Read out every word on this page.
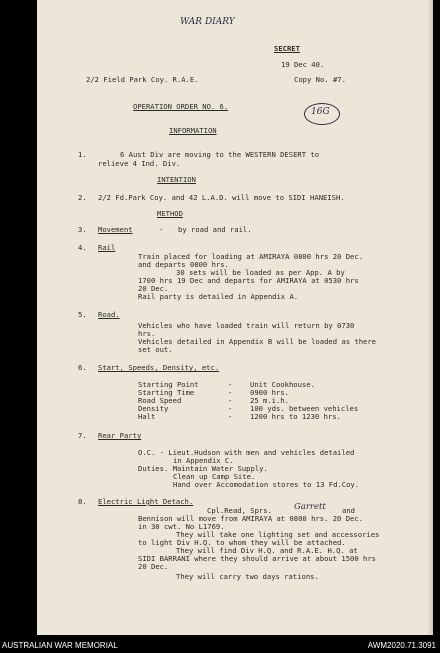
WAR DIARY
SECRET
19 Dec 40.
2/2 Field Park Coy. R.A.E.	Copy No. #7.
16G
OPERATION ORDER NO. 6.
INFORMATION
1.	6 Aust Div are moving to the WESTERN DESERT to
relieve 4 Ind. Div.
INTENTION
2. 2/2 Fd.Park Coy. and 42 L.A.D. will move to SIDI HANEISH.
METHOD
3. Movement	- by road and rail.
4. Rail
Train placed for loading at AMIRAYA 0800 hrs 20 Dec.
and departs 0800 hrs.
30 sets will be loaded as per App. A by
1700 hrs 19 Dec and departs for AMIRAYA at 0530 hrs
20 Dec.
Rail party is detailed in Appendix A.
5. Road.
Vehicles who have loaded train will return by 0730
hrs.
Vehicles detailed in Appendix B will be loaded as there
set out.
6. Start, Speeds, Density, etc.
Starting Point	- Unit Cookhouse.
Starting Time	- 0900 hrs.
Road Speed	- 25 m.i.h.
Density	- 100 yds. between vehicles
Halt	- 1200 hrs to 1230 hrs.
7. Rear Party
O.C. - Lieut.Hudson with men and vehicles detailed
in Appendix C.
Duties. Maintain Water Supply.
Clean up Camp Site.
Hand over Accomodation stores to 13 Fd.Coy.
8. Electric Light Detach.
Cpl.Read, Sprs.	Garrett and
Bennison will move from AMIRAYA at 0800 hrs. 20 Dec.
in 30 cwt. No L1769.
They will take one lighting set and accessories
to light Div H.Q. to whom they will be attached.
They will find Div H.Q. and R.A.E. H.Q. at
SIDI BARRANI where they should arrive at about 1500 hrs
20 Dec.
They will carry two days rations.
AUSTRALIAN WAR MEMORIAL	AWM2020.71.3091
